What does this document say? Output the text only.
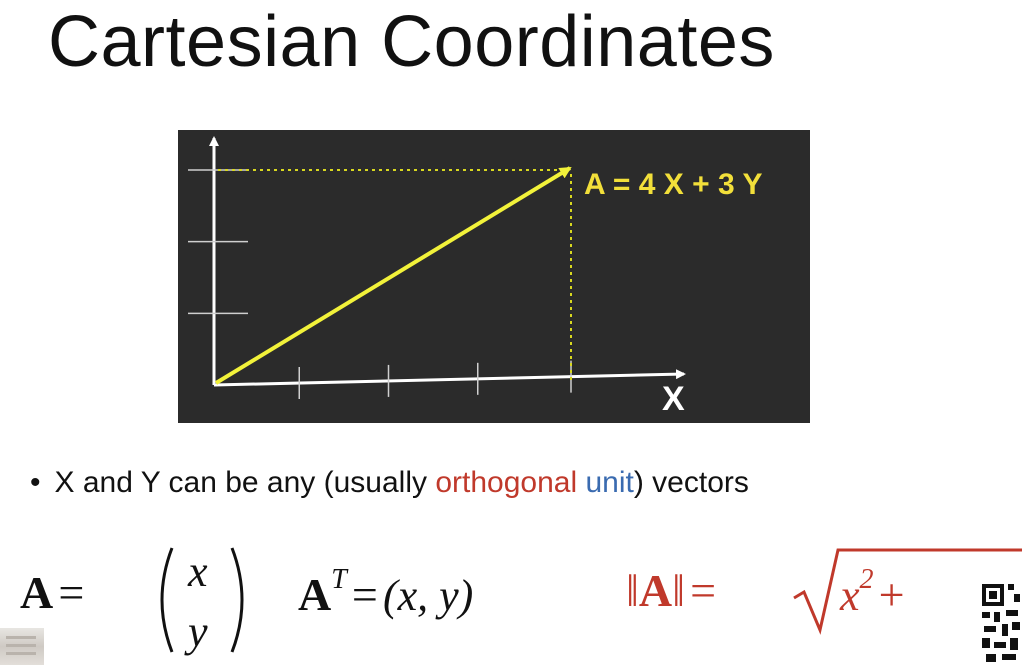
Cartesian Coordinates

A = 4 X + 3 Y

X

• X and Y can be any (usually orthogonal unit) vectors

A = x
y
AT = (x, y)	‖A‖ =	x2 +
